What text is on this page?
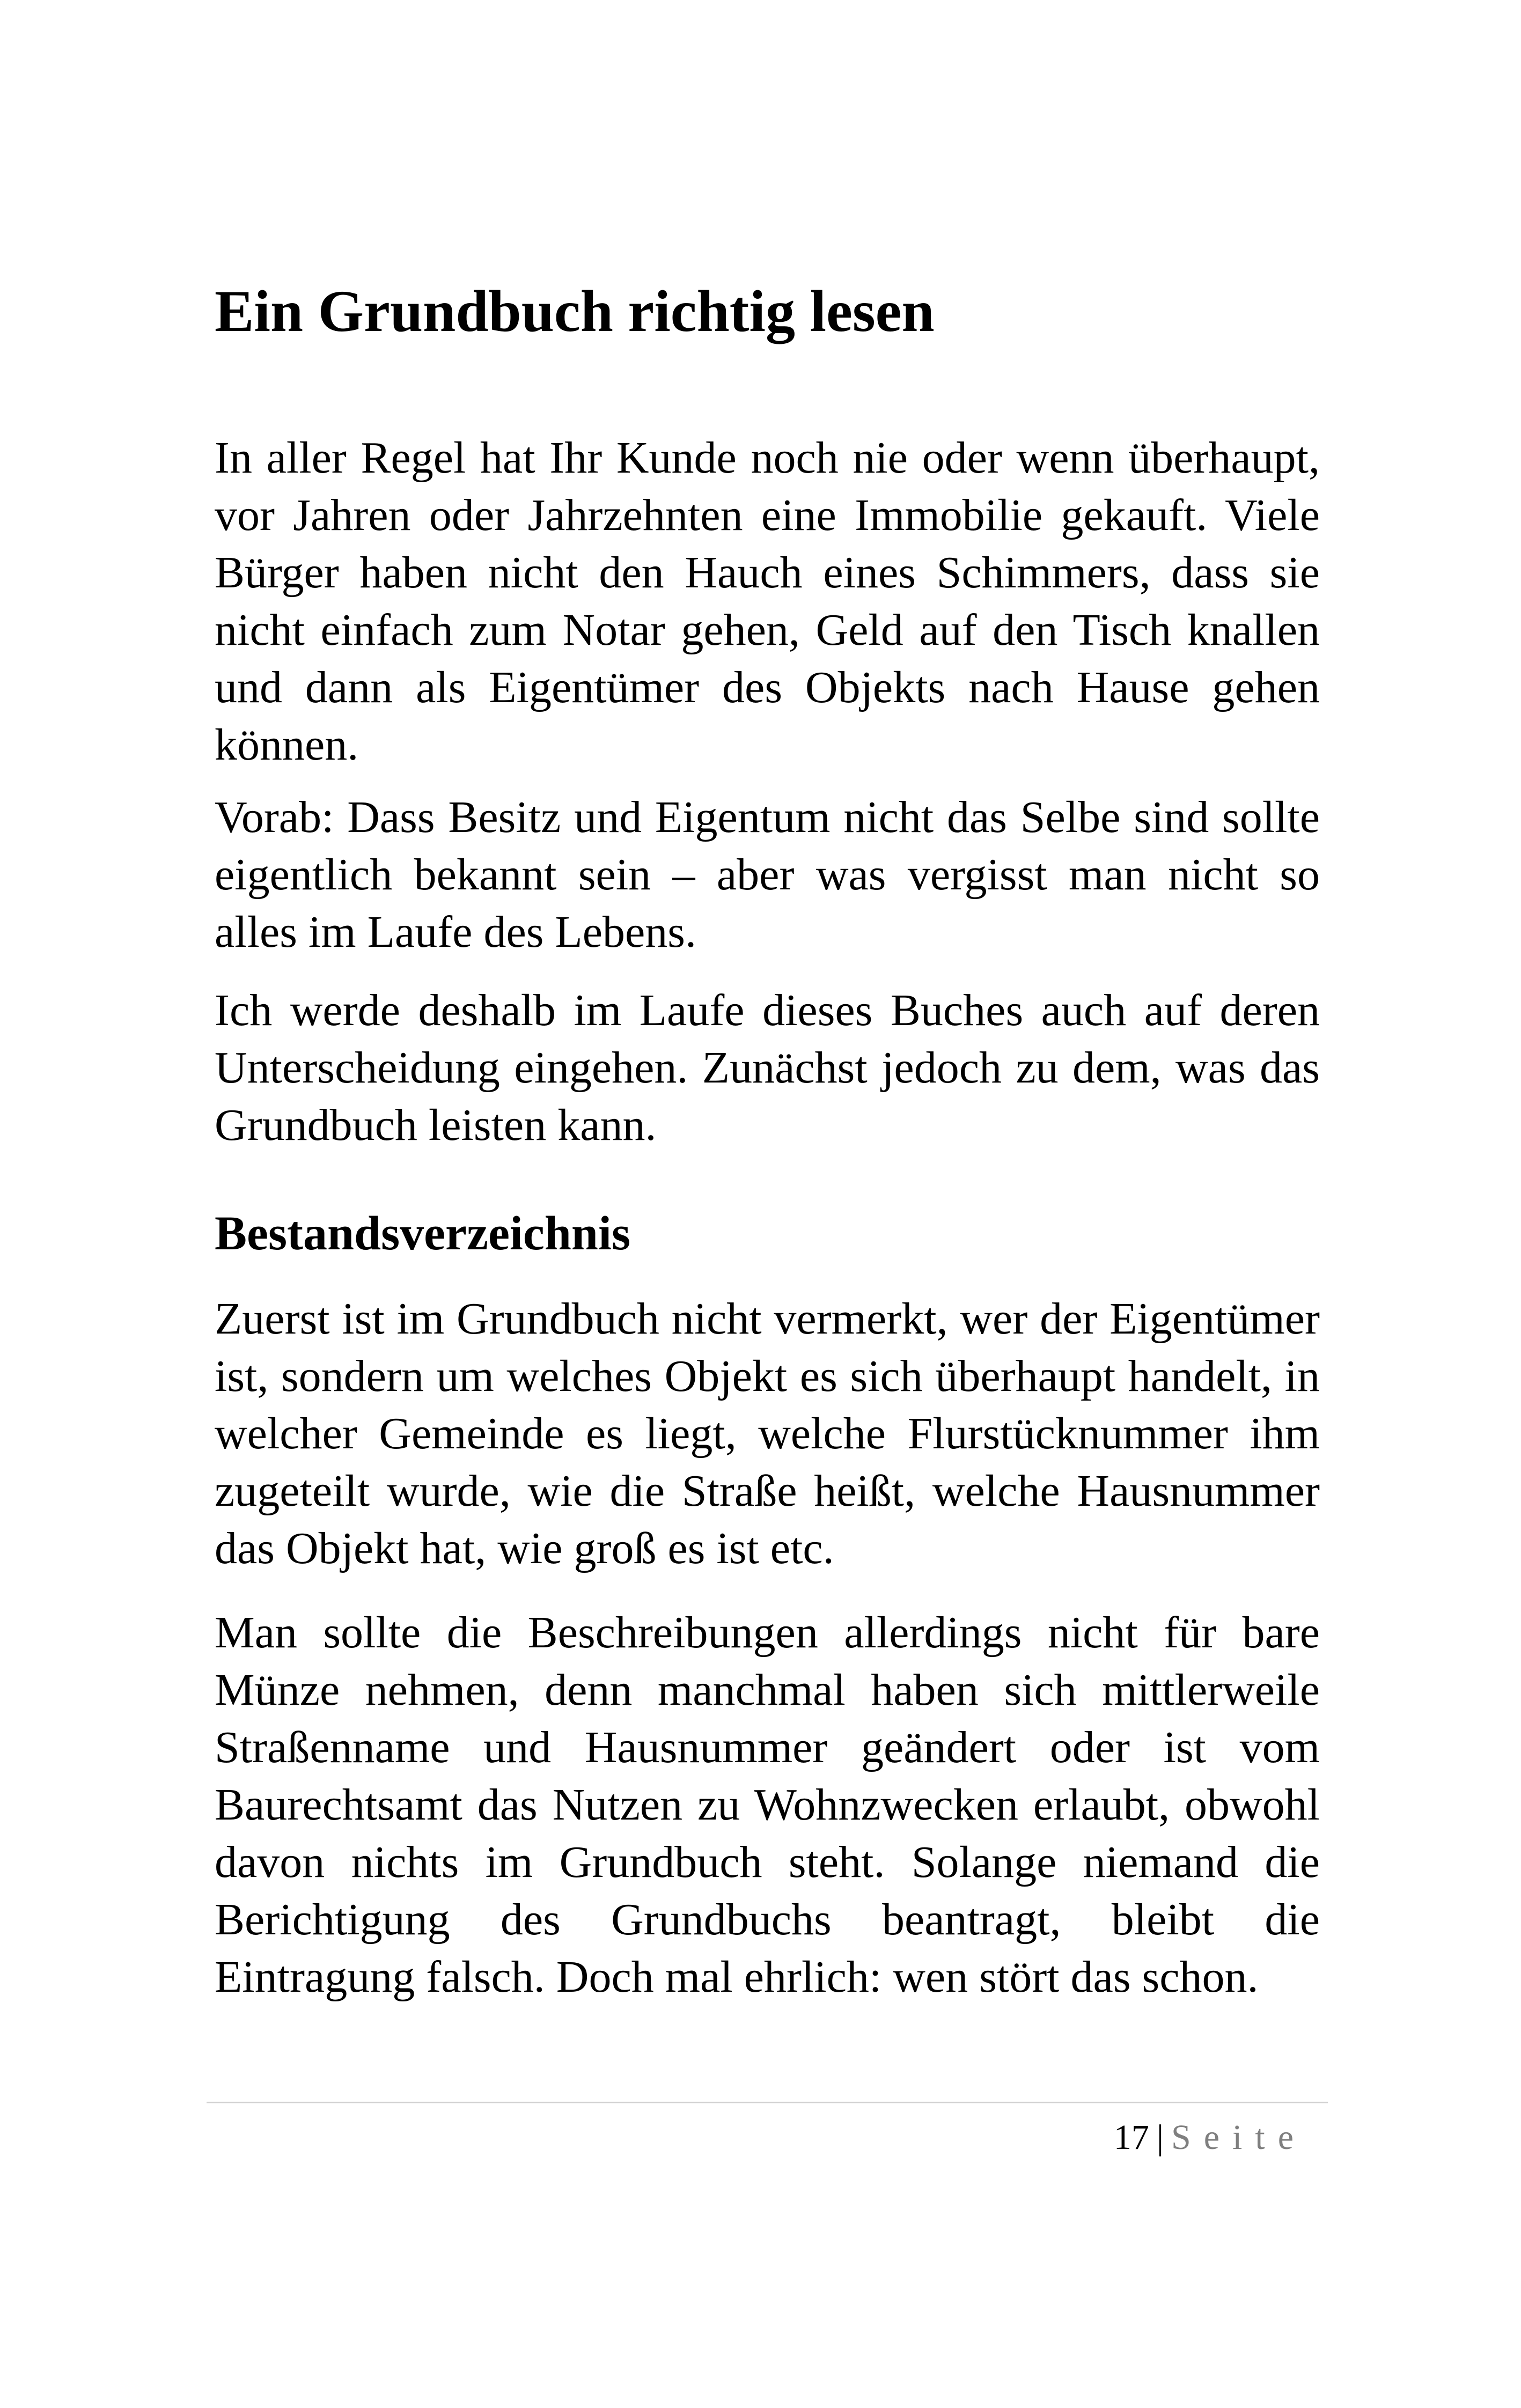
Ein Grundbuch richtig lesen

In aller Regel hat Ihr Kunde noch nie oder wenn überhaupt, vor Jahren oder Jahrzehnten eine Immobilie gekauft. Viele Bürger haben nicht den Hauch eines Schimmers, dass sie nicht einfach zum Notar gehen, Geld auf den Tisch knallen und dann als Eigentümer des Objekts nach Hause gehen können.

Vorab: Dass Besitz und Eigentum nicht das Selbe sind sollte eigentlich bekannt sein – aber was vergisst man nicht so alles im Laufe des Lebens.

Ich werde deshalb im Laufe dieses Buches auch auf deren Unterscheidung eingehen. Zunächst jedoch zu dem, was das Grundbuch leisten kann.

Bestandsverzeichnis

Zuerst ist im Grundbuch nicht vermerkt, wer der Eigentümer ist, sondern um welches Objekt es sich überhaupt handelt, in welcher Gemeinde es liegt, welche Flurstücknummer ihm zugeteilt wurde, wie die Straße heißt, welche Hausnummer das Objekt hat, wie groß es ist etc.

Man sollte die Beschreibungen allerdings nicht für bare Münze nehmen, denn manchmal haben sich mittlerweile Straßenname und Hausnummer geändert oder ist vom Baurechtsamt das Nutzen zu Wohnzwecken erlaubt, obwohl davon nichts im Grundbuch steht. Solange niemand die Berichtigung des Grundbuchs beantragt, bleibt die Eintragung falsch. Doch mal ehrlich: wen stört das schon.

17 | Seite
